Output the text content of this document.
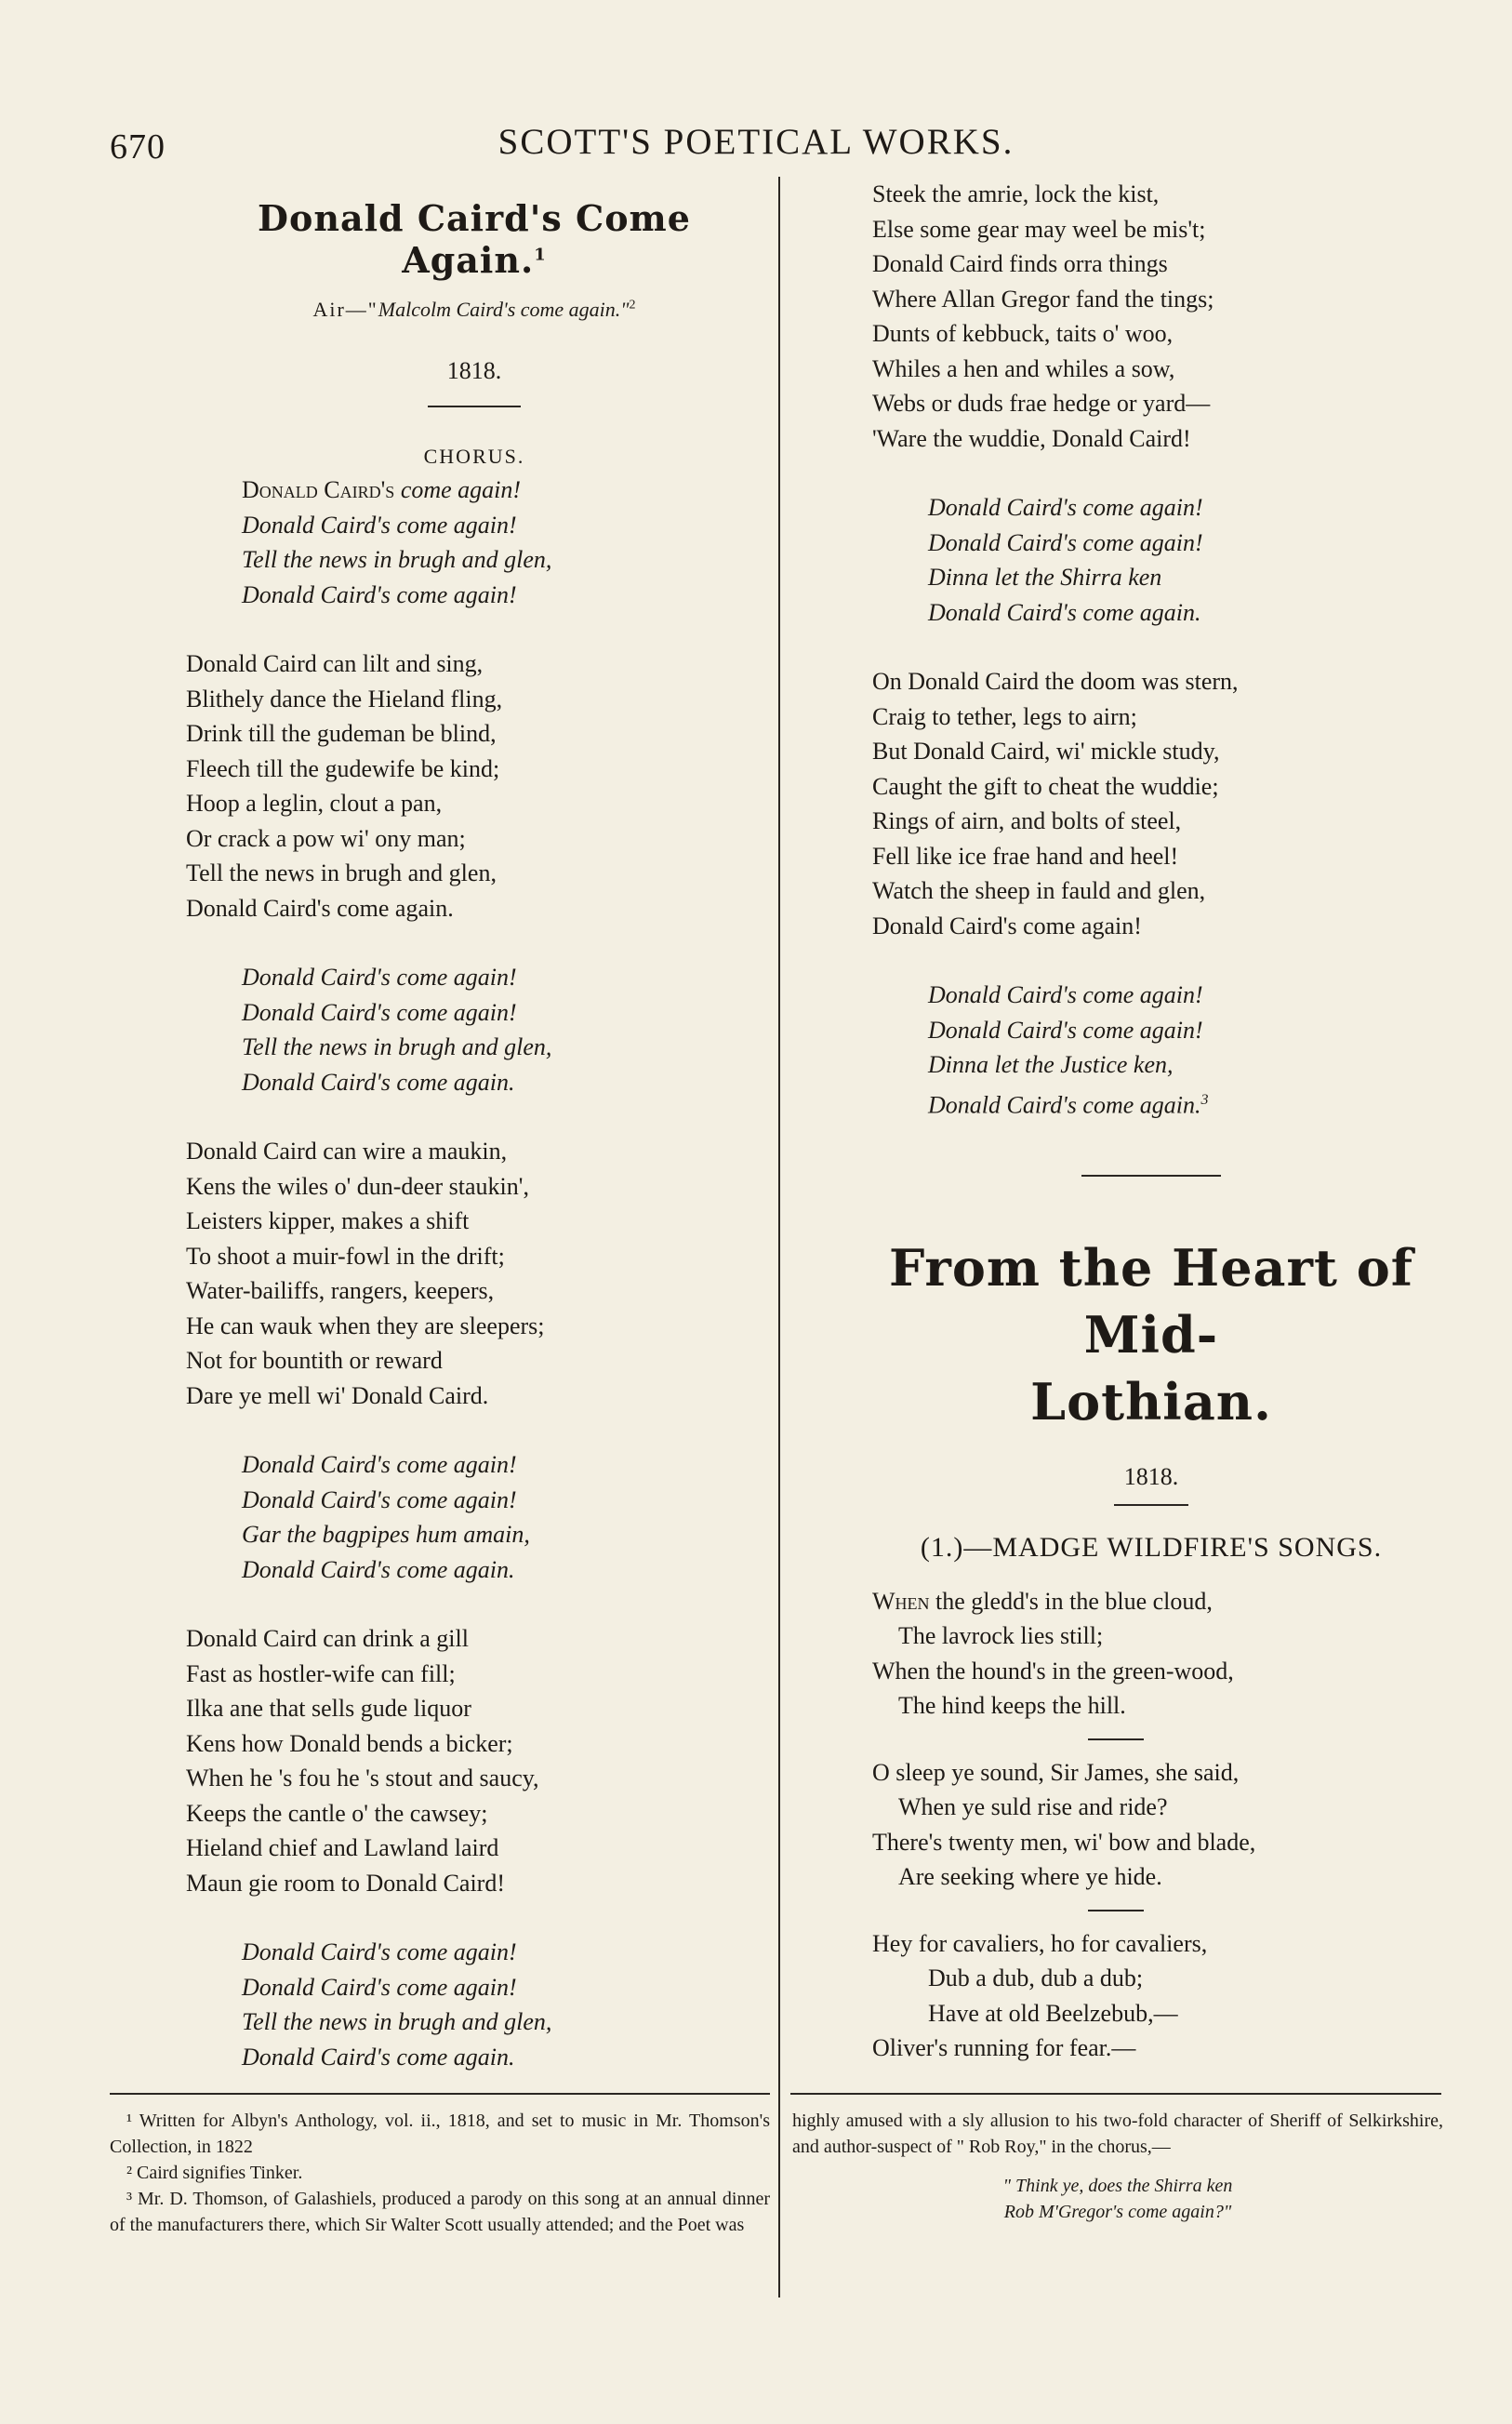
670	SCOTT'S POETICAL WORKS.
Donald Caird's Come Again.$^1$
Air—"Malcolm Caird's come again."$^2$
1818.
CHORUS.
Donald Caird's come again!
Donald Caird's come again!
Tell the news in brugh and glen,
Donald Caird's come again!
Donald Caird can lilt and sing,
Blithely dance the Hieland fling,
Drink till the gudeman be blind,
Fleech till the gudewife be kind;
Hoop a leglin, clout a pan,
Or crack a pow wi' ony man;
Tell the news in brugh and glen,
Donald Caird's come again.
Donald Caird's come again!
Donald Caird's come again!
Tell the news in brugh and glen,
Donald Caird's come again.
Donald Caird can wire a maukin,
Kens the wiles o' dun-deer staukin',
Leisters kipper, makes a shift
To shoot a muir-fowl in the drift;
Water-bailiffs, rangers, keepers,
He can wauk when they are sleepers;
Not for bountith or reward
Dare ye mell wi' Donald Caird.
Donald Caird's come again!
Donald Caird's come again!
Gar the bagpipes hum amain,
Donald Caird's come again.
Donald Caird can drink a gill
Fast as hostler-wife can fill;
Ilka ane that sells gude liquor
Kens how Donald bends a bicker;
When he 's fou he 's stout and saucy,
Keeps the cantle o' the cawsey;
Hieland chief and Lawland laird
Maun gie room to Donald Caird!
Donald Caird's come again!
Donald Caird's come again!
Tell the news in brugh and glen,
Donald Caird's come again.
Steek the amrie, lock the kist,
Else some gear may weel be mis't;
Donald Caird finds orra things
Where Allan Gregor fand the tings;
Dunts of kebbuck, taits o' woo,
Whiles a hen and whiles a sow,
Webs or duds frae hedge or yard—
'Ware the wuddie, Donald Caird!
Donald Caird's come again!
Donald Caird's come again!
Dinna let the Shirra ken
Donald Caird's come again.
On Donald Caird the doom was stern,
Craig to tether, legs to airn;
But Donald Caird, wi' mickle study,
Caught the gift to cheat the wuddie;
Rings of airn, and bolts of steel,
Fell like ice frae hand and heel!
Watch the sheep in fauld and glen,
Donald Caird's come again!
Donald Caird's come again!
Donald Caird's come again!
Dinna let the Justice ken,
Donald Caird's come again.$^3$
From the Heart of Mid-
Lothian.
1818.
(1.)—MADGE WILDFIRE'S SONGS.
When the gledd's in the blue cloud,
The lavrock lies still;
When the hound's in the green-wood,
The hind keeps the hill.
O sleep ye sound, Sir James, she said,
When ye suld rise and ride?
There's twenty men, wi' bow and blade,
Are seeking where ye hide.
Hey for cavaliers, ho for cavaliers,
Dub a dub, dub a dub;
Have at old Beelzebub,—
Oliver's running for fear.—
¹ Written for Albyn's Anthology, vol. ii., 1818, and set to music in Mr. Thomson's Collection, in 1822
² Caird signifies Tinker.
³ Mr. D. Thomson, of Galashiels, produced a parody on this song at an annual dinner of the manufacturers there, which Sir Walter Scott usually attended; and the Poet was
highly amused with a sly allusion to his two-fold character of Sheriff of Selkirkshire, and author-suspect of " Rob Roy," in the chorus,—
" Think ye, does the Shirra ken
Rob M'Gregor's come again?"
